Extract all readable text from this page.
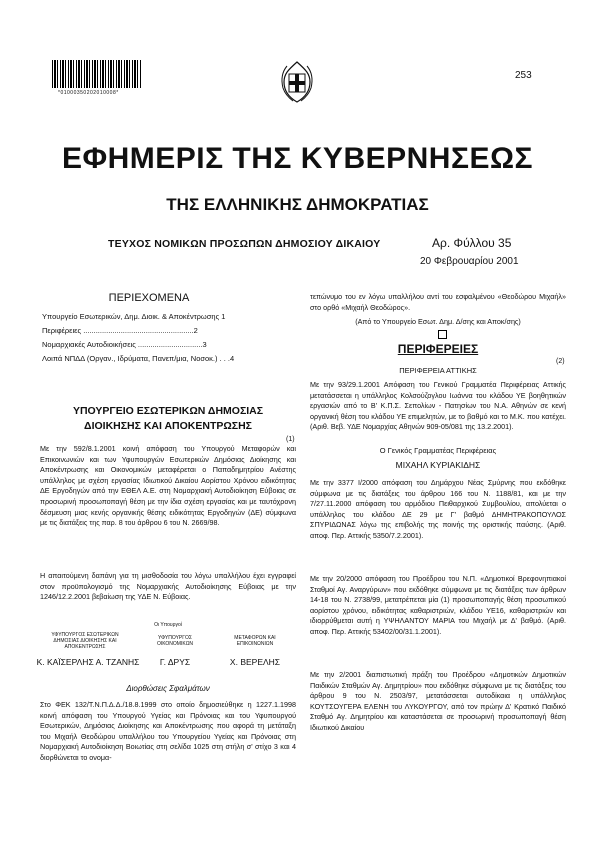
*01000350202010008*
253
ΕΦΗΜΕΡΙΣ ΤΗΣ ΚΥΒΕΡΝΗΣΕΩΣ
ΤΗΣ ΕΛΛΗΝΙΚΗΣ ΔΗΜΟΚΡΑΤΙΑΣ
ΤΕΥΧΟΣ ΝΟΜΙΚΩΝ ΠΡΟΣΩΠΩΝ ΔΗΜΟΣΙΟΥ ΔΙΚΑΙΟΥ	Αρ. Φύλλου 35
20 Φεβρουαρίου 2001
ΠΕΡΙΕΧΟΜΕΝΑ
Υπουργείο Εσωτερικών, Δημ. Διοικ. & Αποκέντρωσης 1
Περιφέρειες .....................................................2
Νομαρχιακές Αυτοδιοικήσεις ...............................3
Λοιπά ΝΠΔΔ (Οργαν., Ιδρύματα, Πανεπ/μια, Νοσοκ.) . . .4
ΥΠΟΥΡΓΕΙΟ ΕΣΩΤΕΡΙΚΩΝ ΔΗΜΟΣΙΑΣ
ΔΙΟΙΚΗΣΗΣ ΚΑΙ ΑΠΟΚΕΝΤΡΩΣΗΣ
(1)
Με την 592/8.1.2001 κοινή απόφαση του Υπουργού Μεταφορών και Επικοινωνιών και των Υφυπουργών Εσωτερικών Δημόσιας Διοίκησης και Αποκέντρωσης και Οικονομικών μεταφέρεται ο Παπαδημητρίου Ανέστης υπάλληλος με σχέση εργασίας Ιδιωτικού Δικαίου Αορίστου Χρόνου ειδικότητας ΔΕ Εργοδηγών από την ΕΘΕΛ Α.Ε. στη Νομαρχιακή Αυτοδιοίκηση Εύβοιας σε προσωρινή προσωποπαγή θέση με την ίδια σχέση εργασίας και με ταυτόχρονη δέσμευση μιας κενής οργανικής θέσης ειδικότητας Εργοδηγών (ΔΕ) σύμφωνα με τις διατάξεις της παρ. 8 του άρθρου 6 του Ν. 2669/98.
Η απαιτούμενη δαπάνη για τη μισθοδοσία του λόγω υπαλλήλου έχει εγγραφεί στον προϋπολογισμό της Νομαρχιακής Αυτοδιοίκησης Εύβοιας με την 1246/12.2.2001 βεβαίωση της ΥΔΕ Ν. Εύβοιας.
Οι Υπουργοί
ΥΦΥΠΟΥΡΓΟΣ ΕΣΩΤΕΡΙΚΩΝ ΔΗΜΟΣΙΑΣ ΔΙΟΙΚΗΣΗΣ ΚΑΙ ΑΠΟΚΕΝΤΡΩΣΗΣ
ΥΦΥΠΟΥΡΓΟΣ ΟΙΚΟΝΟΜΙΚΩΝ
ΜΕΤΑΦΟΡΩΝ ΚΑΙ ΕΠΙΚΟΙΝΩΝΙΩΝ
Κ. ΚΑΪΣΕΡΛΗΣ Α. ΤΖΑΝΗΣ	Γ. ΔΡΥΣ	Χ. ΒΕΡΕΛΗΣ
Διορθώσεις Σφαλμάτων
Στο ΦΕΚ 132/Τ.Ν.Π.Δ.Δ./18.8.1999 στο οποίο δημοσιεύθηκε η 1227.1.1998 κοινή απόφαση του Υπουργού Υγείας και Πρόνοιας και του Υφυπουργού Εσωτερικών, Δημόσιας Διοίκησης και Αποκέντρωσης που αφορά τη μετάταξη του Μιχαήλ Θεοδώρου υπαλλήλου του Υπουργείου Υγείας και Πρόνοιας στη Νομαρχιακή Αυτοδιοίκηση Βοιωτίας στη σελίδα 1025 στη στήλη σ' στίχο 3 και 4 διορθώνεται το ονομα-
τεπώνυμο του εν λόγω υπαλλήλου αντί του εσφαλμένου «Θεοδώρου Μιχαήλ» στο ορθό «Μιχαήλ Θεοδώρος».
(Από το Υπουργείο Εσωτ. Δημ. Δ/σης και Αποκ/σης)
ΠΕΡΙΦΕΡΕΙΕΣ
(2)
ΠΕΡΙΦΕΡΕΙΑ ΑΤΤΙΚΗΣ
Με την 93/29.1.2001 Απόφαση του Γενικού Γραμματέα Περιφέρειας Αττικής μετατάσσεται η υπάλληλος Κολσούζογλου Ιωάννα του κλάδου ΥΕ βοηθητικών εργασιών από το Β' Κ.Π.Σ. Σεπολίων - Πατησίων του Ν.Α. Αθηνών σε κενή οργανική θέση του κλάδου ΥΕ επιμελητών, με το βαθμό και το Μ.Κ. που κατέχει. (Αριθ. Βεβ. ΥΔΕ Νομαρχίας Αθηνών 909-05/081 της 13.2.2001).
Ο Γενικός Γραμματέας Περιφέρειας
ΜΙΧΑΗΛ ΚΥΡΙΑΚΙΔΗΣ
Με την 3377 Ι/2000 απόφαση του Δημάρχου Νέας Σμύρνης που εκδόθηκε σύμφωνα με τις διατάξεις του άρθρου 166 του Ν. 1188/81, και με την 7/27.11.2000 απόφαση του αρμόδιου Πειθαρχικού Συμβουλίου, απολύεται ο υπάλληλος του κλάδου ΔΕ 29 με Γ' βαθμό ΔΗΜΗΤΡΑΚΟΠΟΥΛΟΣ ΣΠΥΡΙΔΩΝΑΣ λόγω της επιβολής της ποινής της οριστικής παύσης. (Αριθ. αποφ. Περ. Αττικής 5350/7.2.2001).
Με την 20/2000 απόφαση του Προέδρου του Ν.Π. «Δημοτικοί Βρεφονηπιακοί Σταθμοί Αγ. Αναργύρων» που εκδόθηκε σύμφωνα με τις διατάξεις των άρθρων 14-18 του Ν. 2738/99, μετατρέπεται μία (1) προσωποπαγής θέση προσωπικού αορίστου χρόνου, ειδικότητας καθαριστριών, κλάδου ΥΕ16, καθαριστριών και ιδιορρύθμεται αυτή η ΥΨΗΛΑΝΤΟΥ ΜΑΡΙΑ του Μιχαήλ με Δ' βαθμό. (Αριθ. αποφ. Περ. Αττικής 53402/00/31.1.2001).
Με την 2/2001 διαπιστωτική πράξη του Προέδρου «Δημοτικών Δημοτικών Παιδικών Σταθμών Αγ. Δημητρίου» που εκδόθηκε σύμφωνα με τις διατάξεις του άρθρου 9 του Ν. 2503/97, μετατάσσεται αυτοδίκαια η υπάλληλος ΚΟΥΤΣΟΥΓΕΡΑ ΕΛΕΝΗ του ΛΥΚΟΥΡΓΟΥ, από τον πρώην Δ' Κρατικό Παιδικό Σταθμό Αγ. Δημητρίου και καταστάσεται σε προσωρινή προσωποπαγή θέση Ιδιωτικού Δικαίου
